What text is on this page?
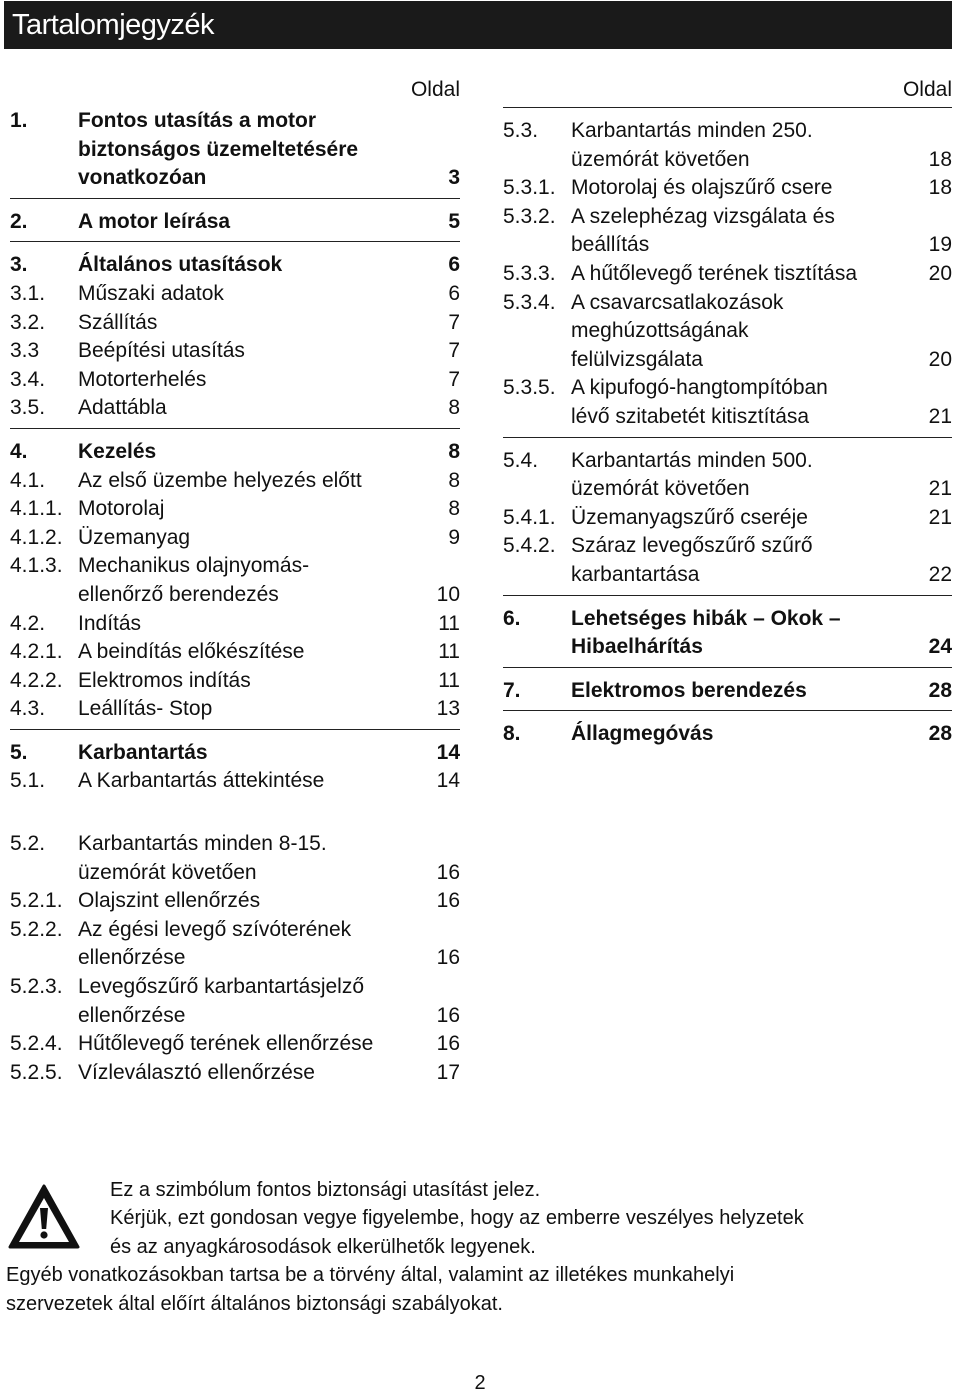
Tartalomjegyzék
Oldal
1.	Fontos utasítás a motor
biztonságos üzemeltetésére
vonatkozóan	3
2.	A motor leírása	5
3.	Általános utasítások	6
3.1.	Műszaki adatok	6
3.2.	Szállítás	7
3.3	Beépítési utasítás	7
3.4.	Motorterhelés	7
3.5.	Adattábla	8
4.	Kezelés	8
4.1.	Az első üzembe helyezés előtt	8
4.1.1. Motorolaj	8
4.1.2. Üzemanyag	9
4.1.3. Mechanikus olajnyomás-
ellenőrző berendezés	10
4.2.	Indítás	11
4.2.1. A beindítás előkészítése	11
4.2.2. Elektromos indítás	11
4.3.	Leállítás- Stop	13
5.	Karbantartás	14
5.1.	A Karbantartás áttekintése	14
5.2.	Karbantartás minden 8-15.
üzemórát követően	16
5.2.1. Olajszint ellenőrzés	16
5.2.2. Az égési levegő szívóterének
ellenőrzése	16
5.2.3. Levegőszűrő karbantartásjelző
ellenőrzése	16
5.2.4. Hűtőlevegő terének ellenőrzése	16
5.2.5. Vízleválasztó ellenőrzése	17
Oldal
5.3.	Karbantartás minden 250.
üzemórát követően	18
5.3.1. Motorolaj és olajszűrő csere	18
5.3.2. A szelephézag vizsgálata és
beállítás	19
5.3.3. A hűtőlevegő terének tisztítása	20
5.3.4. A csavarcsatlakozások
meghúzottságának
felülvizsgálata	20
5.3.5. A kipufogó-hangtompítóban
lévő szitabetét kitisztítása	21
5.4.	Karbantartás minden 500.
üzemórát követően	21
5.4.1. Üzemanyagszűrő cseréje	21
5.4.2. Száraz levegőszűrő szűrő
karbantartása	22
6.	Lehetséges hibák – Okok –
Hibaelhárítás	24
7.	Elektromos berendezés	28
8.	Állagmegóvás	28
Ez a szimbólum fontos biztonsági utasítást jelez.
Kérjük, ezt gondosan vegye figyelembe, hogy az emberre veszélyes helyzetek
és az anyagkárosodások elkerülhetők legyenek.
Egyéb vonatkozásokban tartsa be a törvény által, valamint az illetékes munkahelyi
szervezetek által előírt általános biztonsági szabályokat.
2
